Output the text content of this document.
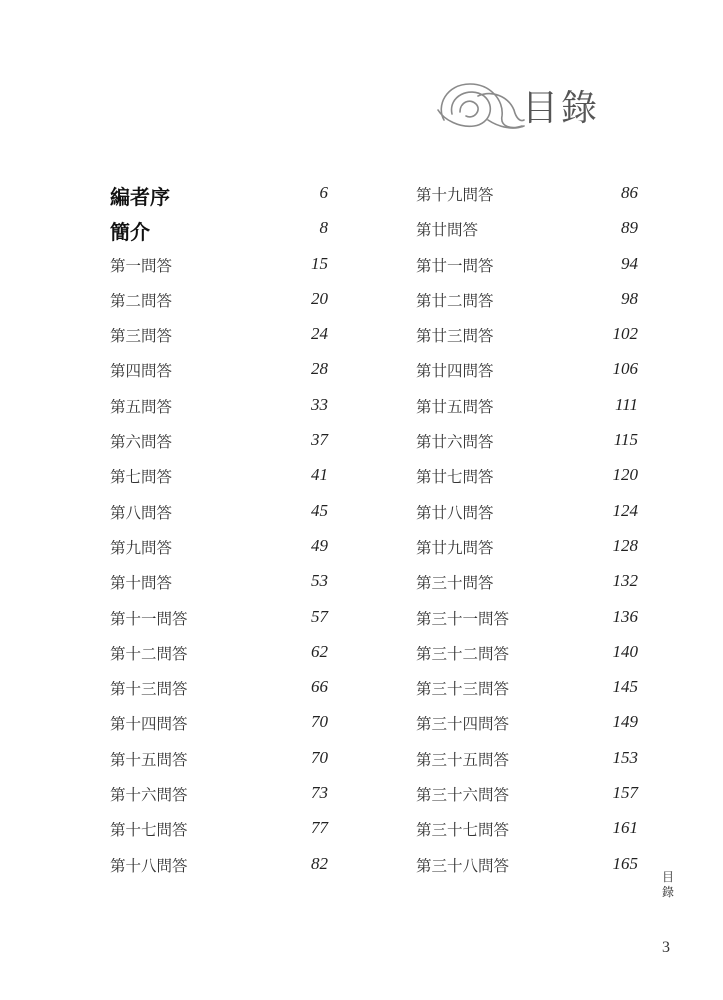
目錄
編者序	6
簡介	8
第一問答	15
第二問答	20
第三問答	24
第四問答	28
第五問答	33
第六問答	37
第七問答	41
第八問答	45
第九問答	49
第十問答	53
第十一問答	57
第十二問答	62
第十三問答	66
第十四問答	70
第十五問答	70
第十六問答	73
第十七問答	77
第十八問答	82
第十九問答	86
第廿問答	89
第廿一問答	94
第廿二問答	98
第廿三問答	102
第廿四問答	106
第廿五問答	111
第廿六問答	115
第廿七問答	120
第廿八問答	124
第廿九問答	128
第三十問答	132
第三十一問答	136
第三十二問答	140
第三十三問答	145
第三十四問答	149
第三十五問答	153
第三十六問答	157
第三十七問答	161
第三十八問答	165
目
錄
3
